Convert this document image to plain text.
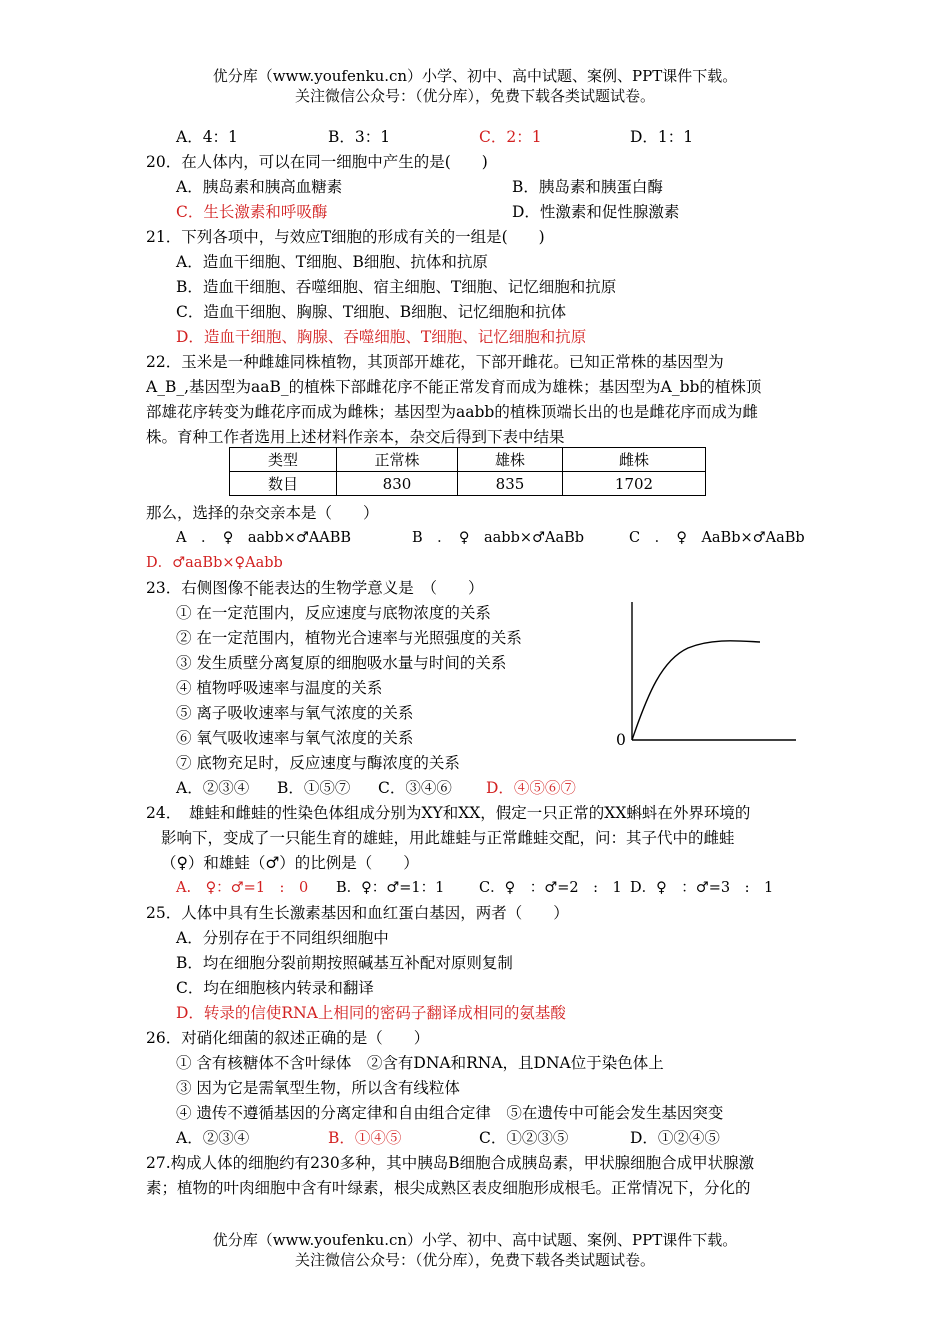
优分库（www.youfenku.cn）小学、初中、高中试题、案例、PPT课件下载。
关注微信公众号：（优分库），免费下载各类试题试卷。
A．4：1	B．3：1	C．2：1	D．1：1
20．在人体内，可以在同一细胞中产生的是(　　)
A．胰岛素和胰高血糖素	B．胰岛素和胰蛋白酶
C．生长激素和呼吸酶	D．性激素和促性腺激素
21．下列各项中，与效应T细胞的形成有关的一组是(　　)
A．造血干细胞、T细胞、B细胞、抗体和抗原
B．造血干细胞、吞噬细胞、宿主细胞、T细胞、记忆细胞和抗原
C．造血干细胞、胸腺、T细胞、B细胞、记忆细胞和抗体
D．造血干细胞、胸腺、吞噬细胞、T细胞、记忆细胞和抗原
22．玉米是一种雌雄同株植物，其顶部开雄花，下部开雌花。已知正常株的基因型为
A_B_,基因型为aaB_的植株下部雌花序不能正常发育而成为雄株；基因型为A_bb的植株顶
部雄花序转变为雌花序而成为雌株；基因型为aabb的植株顶端长出的也是雌花序而成为雌
株。育种工作者选用上述材料作亲本，杂交后得到下表中结果
类型	正常株	雄株	雌株
数目	830	835	1702
那么，选择的杂交亲本是（　　）
A　．　♀　aabb×♂AABB	B　．　♀　aabb×♂AaBb	C　．　♀　AaBb×♂AaBb
D．♂aaBb×♀Aabb
23．右侧图像不能表达的生物学意义是　（　　）
① 在一定范围内，反应速度与底物浓度的关系
② 在一定范围内，植物光合速率与光照强度的关系
③ 发生质壁分离复原的细胞吸水量与时间的关系
④ 植物呼吸速率与温度的关系
⑤ 离子吸收速率与氧气浓度的关系
⑥ 氧气吸收速率与氧气浓度的关系
⑦ 底物充足时，反应速度与酶浓度的关系
A．②③④ B．①⑤⑦ C．③④⑥ D．④⑤⑥⑦
0
24．　雄蛙和雌蛙的性染色体组成分别为XY和XX，假定一只正常的XX蝌蚪在外界环境的
影响下，变成了一只能生育的雄蛙，用此雄蛙与正常雌蛙交配，问：其子代中的雌蛙
（♀）和雄蛙（♂）的比例是（　　）
A.　♀：♂=1　:　0 B．♀：♂=1：1 C．♀　：♂=2　:　1 D．♀　：♂=3　:　1
25．人体中具有生长激素基因和血红蛋白基因，两者（　　）
A．分别存在于不同组织细胞中
B．均在细胞分裂前期按照碱基互补配对原则复制
C．均在细胞核内转录和翻译
D．转录的信使RNA上相同的密码子翻译成相同的氨基酸
26．对硝化细菌的叙述正确的是（　　）
① 含有核糖体不含叶绿体　②含有DNA和RNA，且DNA位于染色体上
③ 因为它是需氧型生物，所以含有线粒体
④ 遗传不遵循基因的分离定律和自由组合定律　⑤在遗传中可能会发生基因突变
A．②③④	B．①④⑤	C．①②③⑤	D．①②④⑤
27.构成人体的细胞约有230多种，其中胰岛B细胞合成胰岛素，甲状腺细胞合成甲状腺激
素；植物的叶肉细胞中含有叶绿素，根尖成熟区表皮细胞形成根毛。正常情况下，分化的
优分库（www.youfenku.cn）小学、初中、高中试题、案例、PPT课件下载。
关注微信公众号：（优分库），免费下载各类试题试卷。
